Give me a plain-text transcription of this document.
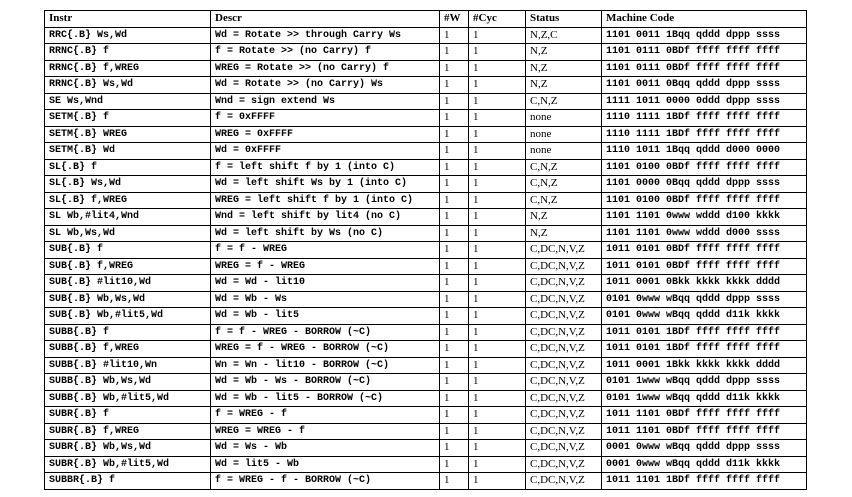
Instr	Descr	#W	#Cyc	Status	Machine Code
RRC{.B} Ws,Wd	Wd = Rotate >> through Carry Ws	1	1	N,Z,C	1101 0011 1Bqq qddd dppp ssss
RRNC{.B} f	f = Rotate >> (no Carry) f	1	1	N,Z	1101 0111 0BDf ffff ffff ffff
RRNC{.B} f,WREG	WREG = Rotate >> (no Carry) f	1	1	N,Z	1101 0111 0BDf ffff ffff ffff
RRNC{.B} Ws,Wd	Wd = Rotate >> (no Carry) Ws	1	1	N,Z	1101 0011 0Bqq qddd dppp ssss
SE Ws,Wnd	Wnd = sign extend Ws	1	1	C,N,Z	1111 1011 0000 0ddd dppp ssss
SETM{.B} f	f = 0xFFFF	1	1	none	1110 1111 1BDf ffff ffff ffff
SETM{.B} WREG	WREG = 0xFFFF	1	1	none	1110 1111 1BDf ffff ffff ffff
SETM{.B} Wd	Wd = 0xFFFF	1	1	none	1110 1011 1Bqq qddd d000 0000
SL{.B} f	f = left shift f by 1 (into C)	1	1	C,N,Z	1101 0100 0BDf ffff ffff ffff
SL{.B} Ws,Wd	Wd = left shift Ws by 1 (into C)	1	1	C,N,Z	1101 0000 0Bqq qddd dppp ssss
SL{.B} f,WREG	WREG = left shift f by 1 (into C)	1	1	C,N,Z	1101 0100 0BDf ffff ffff ffff
SL Wb,#lit4,Wnd	Wnd = left shift by lit4 (no C)	1	1	N,Z	1101 1101 0www wddd d100 kkkk
SL Wb,Ws,Wd	Wd = left shift by Ws (no C)	1	1	N,Z	1101 1101 0www wddd d000 ssss
SUB{.B} f	f = f - WREG	1	1	C,DC,N,V,Z	1011 0101 0BDf ffff ffff ffff
SUB{.B} f,WREG	WREG = f - WREG	1	1	C,DC,N,V,Z	1011 0101 0BDf ffff ffff ffff
SUB{.B} #lit10,Wd	Wd = Wd - lit10	1	1	C,DC,N,V,Z	1011 0001 0Bkk kkkk kkkk dddd
SUB{.B} Wb,Ws,Wd	Wd = Wb - Ws	1	1	C,DC,N,V,Z	0101 0www wBqq qddd dppp ssss
SUB{.B} Wb,#lit5,Wd	Wd = Wb - lit5	1	1	C,DC,N,V,Z	0101 0www wBqq qddd d11k kkkk
SUBB{.B} f	f = f - WREG - BORROW (~C)	1	1	C,DC,N,V,Z	1011 0101 1BDf ffff ffff ffff
SUBB{.B} f,WREG	WREG = f - WREG - BORROW (~C)	1	1	C,DC,N,V,Z	1011 0101 1BDf ffff ffff ffff
SUBB{.B} #lit10,Wn	Wn = Wn - lit10 - BORROW (~C)	1	1	C,DC,N,V,Z	1011 0001 1Bkk kkkk kkkk dddd
SUBB{.B} Wb,Ws,Wd	Wd = Wb - Ws - BORROW (~C)	1	1	C,DC,N,V,Z	0101 1www wBqq qddd dppp ssss
SUBB{.B} Wb,#lit5,Wd	Wd = Wb - lit5 - BORROW (~C)	1	1	C,DC,N,V,Z	0101 1www wBqq qddd d11k kkkk
SUBR{.B} f	f = WREG - f	1	1	C,DC,N,V,Z	1011 1101 0BDf ffff ffff ffff
SUBR{.B} f,WREG	WREG = WREG - f	1	1	C,DC,N,V,Z	1011 1101 0BDf ffff ffff ffff
SUBR{.B} Wb,Ws,Wd	Wd = Ws - Wb	1	1	C,DC,N,V,Z	0001 0www wBqq qddd dppp ssss
SUBR{.B} Wb,#lit5,Wd	Wd = lit5 - Wb	1	1	C,DC,N,V,Z	0001 0www wBqq qddd d11k kkkk
SUBBR{.B} f	f = WREG - f - BORROW (~C)	1	1	C,DC,N,V,Z	1011 1101 1BDf ffff ffff ffff
